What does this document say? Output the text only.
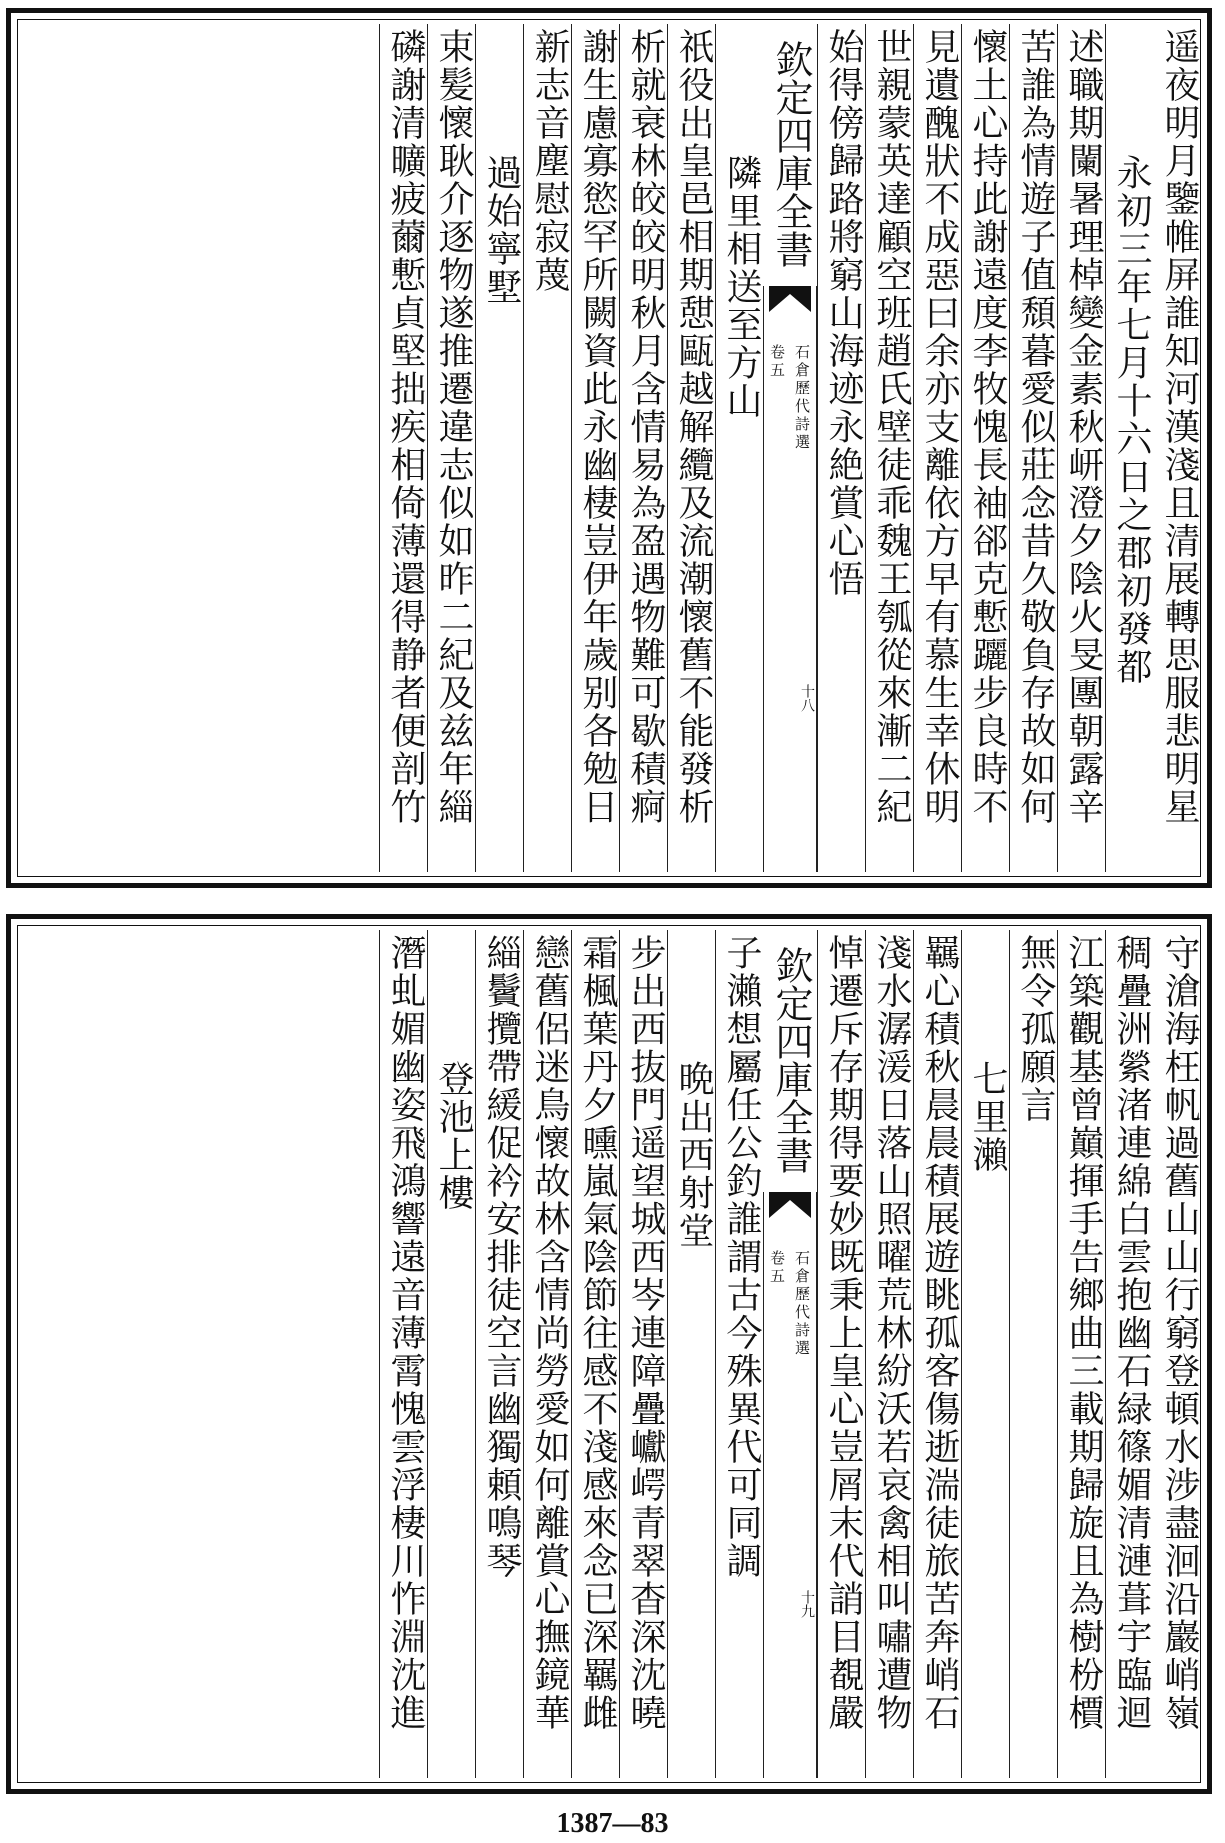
遥夜明月鑒帷屏誰知河漢淺且清展轉思服悲明星
永初三年七月十六日之郡初發都
述職期闌暑理棹變金素秋岍澄夕陰火旻團朝露辛
苦誰為情遊子值頹暮愛似莊念昔久敬負存故如何
懷土心持此謝遠度李牧愧長袖郤克慙躧步良時不
見遺醜狀不成惡曰余亦支離依方早有慕生幸休明
世親蒙英達顧空班趙氏壁徒乖魏王瓠從來漸二紀
始得傍歸路將窮山海迹永絶賞心悟
欽定四庫全書
石倉歷代詩選
卷五
十八
隣里相送至方山
祇役出皇邑相期憇甌越解纜及流潮懷舊不能發析
析就衰林皎皎明秋月含情易為盈遇物難可歇積痾
謝生慮寡慾罕所闕資此永幽棲豈伊年歲别各勉日
新志音塵慰寂蔑
過始寧墅
束髪懷耿介逐物遂推遷違志似如昨二紀及兹年緇
磷謝清曠疲薾慙貞堅拙疾相倚薄還得静者便剖竹
守滄海枉帆過舊山山行窮登頓水涉盡洄沿巖峭嶺
稠疊洲縈渚連綿白雲抱幽石緑篠媚清漣葺宇臨迴
江築觀基曾巔揮手告鄉曲三載期歸旋且為樹枌檟
無令孤願言
七里瀨
羈心積秋晨晨積展遊眺孤客傷逝湍徒旅苦奔峭石
淺水潺湲日落山照曜荒林紛沃若哀禽相叫嘯遭物
悼遷斥存期得要妙既秉上皇心豈屑末代誚目覩嚴
欽定四庫全書
石倉歷代詩選
卷五
十九
子瀨想屬任公釣誰謂古今殊異代可同調
晩出西射堂
步出西抜門遥望城西岑連障疊巘崿青翠杳深沈曉
霜楓葉丹夕曛嵐氣陰節往感不淺感來念已深羈雌
戀舊侶迷鳥懷故林含情尚勞愛如何離賞心撫鏡華
緇鬢攬帶緩促衿安排徒空言幽獨頼鳴琴
登池上樓
潛虬媚幽姿飛鴻響遠音薄霄愧雲浮棲川怍淵沈進
1387—83
